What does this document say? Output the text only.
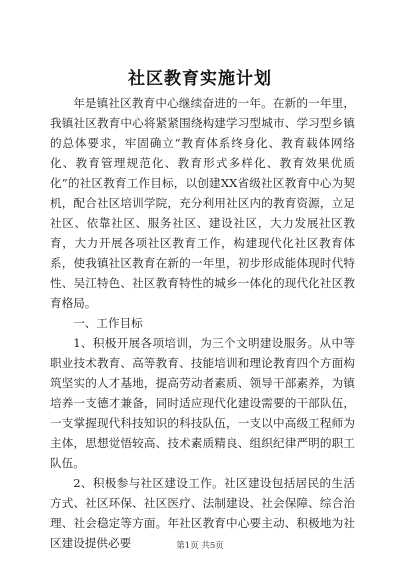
社区教育实施计划

年是镇社区教育中心继续奋进的一年。在新的一年里，我镇社区教育中心将紧紧围绕构建学习型城市、学习型乡镇的总体要求，牢固确立“教育体系终身化、教育载体网络化、教育管理规范化、教育形式多样化、教育效果优质化”的社区教育工作目标，以创建XX省级社区教育中心为契机，配合社区培训学院，充分利用社区内的教育资源，立足社区、依靠社区、服务社区、建设社区，大力发展社区教育，大力开展各项社区教育工作，构建现代化社区教育体系，使我镇社区教育在新的一年里，初步形成能体现时代特性、吴江特色、社区教育特性的城乡一体化的现代化社区教育格局。

一、工作目标

1、积极开展各项培训，为三个文明建设服务。从中等职业技术教育、高等教育、技能培训和理论教育四个方面构筑坚实的人才基地，提高劳动者素质、领导干部素养，为镇培养一支德才兼备，同时适应现代化建设需要的干部队伍，一支掌握现代科技知识的科技队伍，一支以中高级工程师为主体，思想觉悟较高、技术素质精良、组织纪律严明的职工队伍。

2、积极参与社区建设工作。社区建设包括居民的生活方式、社区环保、社区医疗、法制建设、社会保障、综合治理、社会稳定等方面。年社区教育中心要主动、积极地为社区建设提供必要	第1页 共5页
